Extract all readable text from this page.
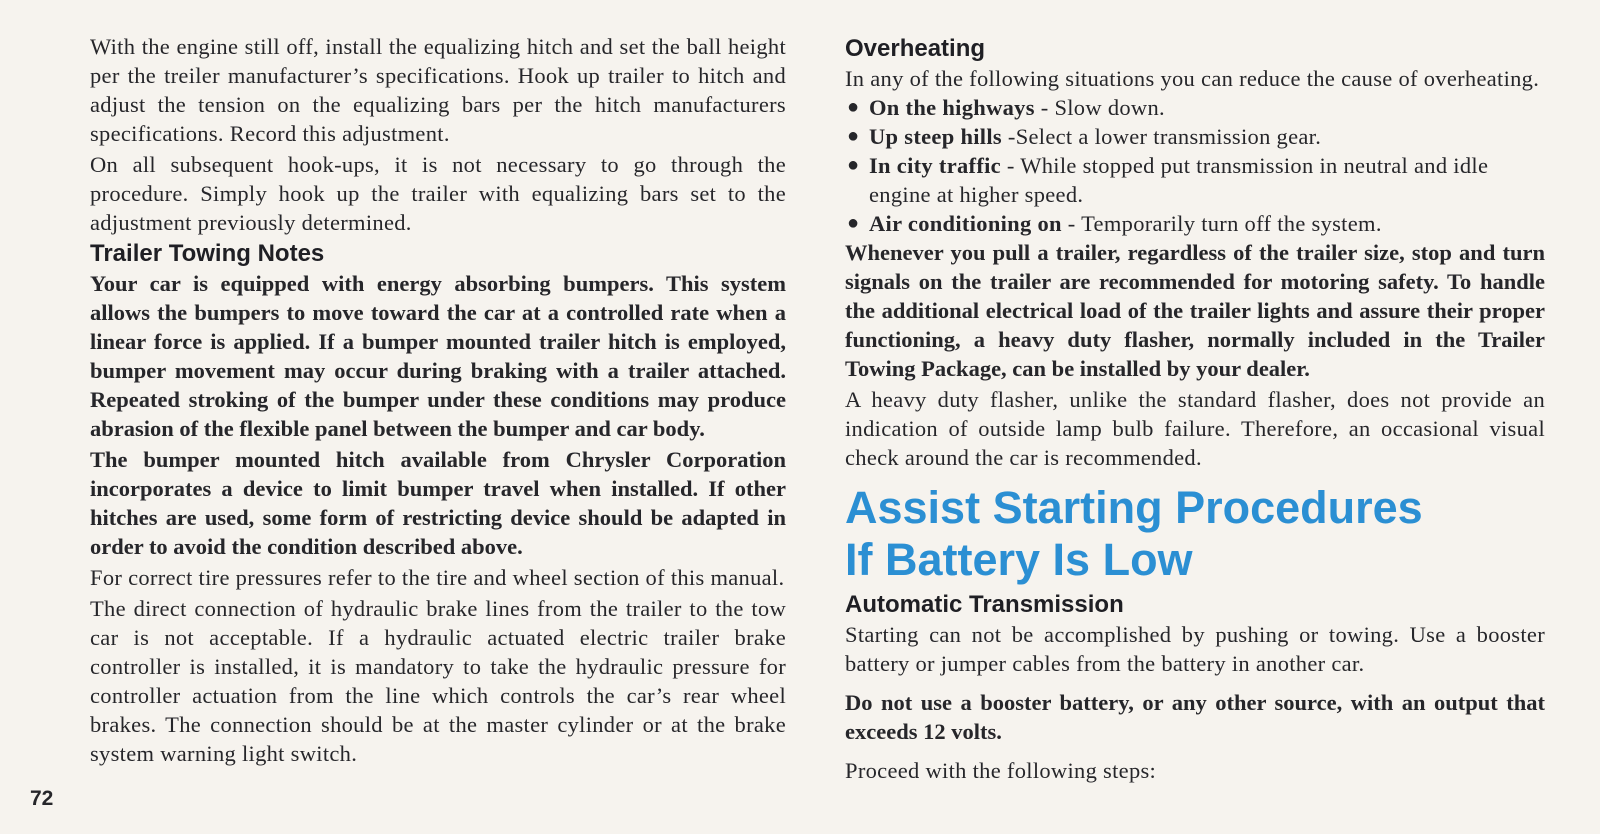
With the engine still off, install the equalizing hitch and set the ball height per the treiler manufacturer’s specifications. Hook up trailer to hitch and adjust the tension on the equalizing bars per the hitch manufacturers specifications. Record this adjustment.

On all subsequent hook-ups, it is not necessary to go through the procedure. Simply hook up the trailer with equalizing bars set to the adjustment previously determined.

Trailer Towing Notes

Your car is equipped with energy absorbing bumpers. This system allows the bumpers to move toward the car at a controlled rate when a linear force is applied. If a bumper mounted trailer hitch is employed, bumper movement may occur during braking with a trailer attached. Repeated stroking of the bumper under these conditions may produce abrasion of the flexible panel between the bumper and car body.

The bumper mounted hitch available from Chrysler Corporation incorporates a device to limit bumper travel when installed. If other hitches are used, some form of restricting device should be adapted in order to avoid the condition described above.

For correct tire pressures refer to the tire and wheel section of this manual.

The direct connection of hydraulic brake lines from the trailer to the tow car is not acceptable. If a hydraulic actuated electric trailer brake controller is installed, it is mandatory to take the hydraulic pressure for controller actuation from the line which controls the car’s rear wheel brakes. The connection should be at the master cylinder or at the brake system warning light switch.

Overheating

In any of the following situations you can reduce the cause of overheating.

● On the highways - Slow down.
● Up steep hills -Select a lower transmission gear.
● In city traffic - While stopped put transmission in neutral and idle engine at higher speed.
● Air conditioning on - Temporarily turn off the system.

Whenever you pull a trailer, regardless of the trailer size, stop and turn signals on the trailer are recommended for motoring safety. To handle the additional electrical load of the trailer lights and assure their proper functioning, a heavy duty flasher, normally included in the Trailer Towing Package, can be installed by your dealer.

A heavy duty flasher, unlike the standard flasher, does not provide an indication of outside lamp bulb failure. Therefore, an occasional visual check around the car is recommended.

Assist Starting Procedures
If Battery Is Low
Automatic Transmission

Starting can not be accomplished by pushing or towing. Use a booster battery or jumper cables from the battery in another car.

Do not use a booster battery, or any other source, with an output that exceeds 12 volts.

Proceed with the following steps:

72
